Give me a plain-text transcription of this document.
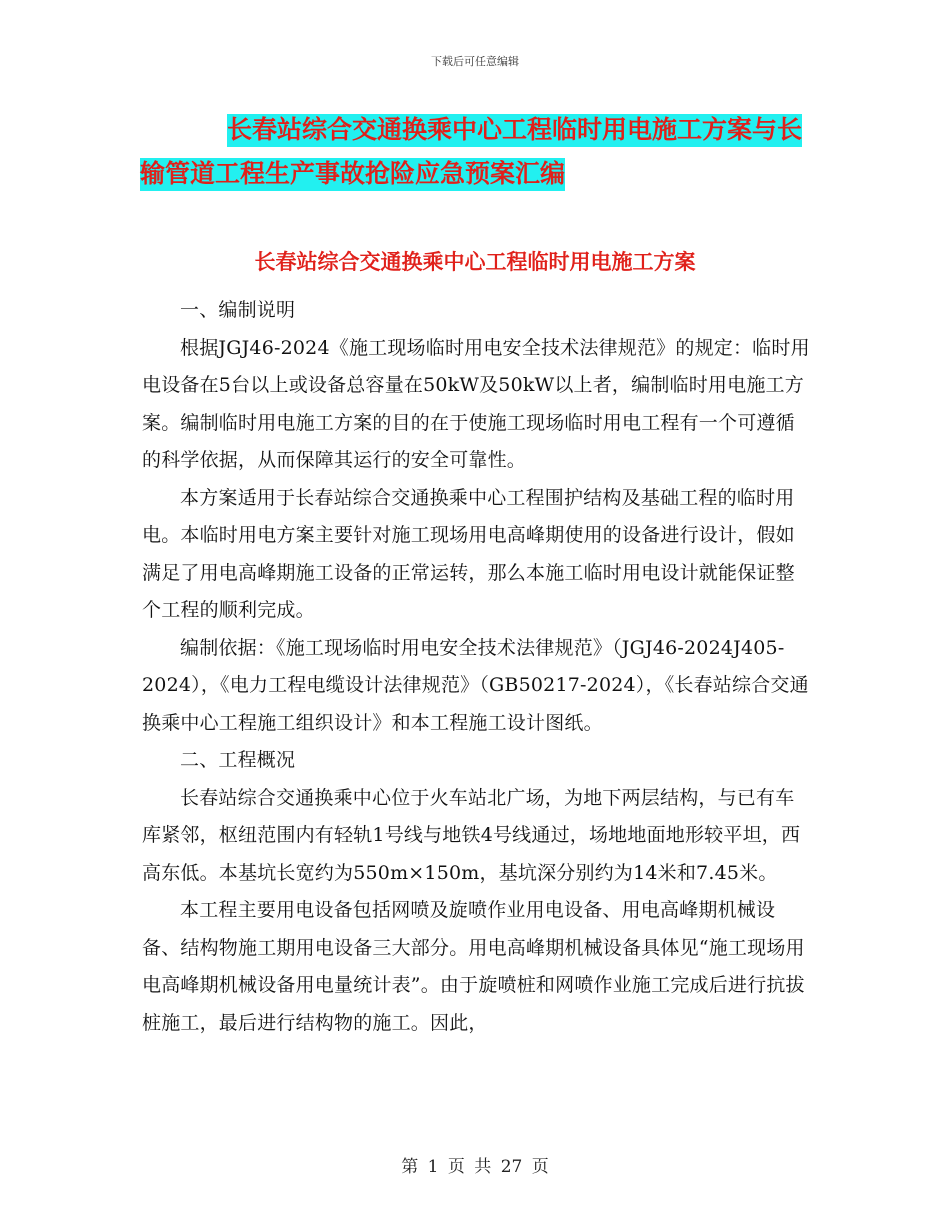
下载后可任意编辑
长春站综合交通换乘中心工程临时用电施工方案与长
输管道工程生产事故抢险应急预案汇编
长春站综合交通换乘中心工程临时用电施工方案

一、编制说明

根据JGJ46-2024《施工现场临时用电安全技术法律规范》的规定：临时用电设备在5台以上或设备总容量在50kW及50kW以上者，编制临时用电施工方案。编制临时用电施工方案的目的在于使施工现场临时用电工程有一个可遵循的科学依据，从而保障其运行的安全可靠性。

本方案适用于长春站综合交通换乘中心工程围护结构及基础工程的临时用电。本临时用电方案主要针对施工现场用电高峰期使用的设备进行设计，假如满足了用电高峰期施工设备的正常运转，那么本施工临时用电设计就能保证整个工程的顺利完成。

编制依据：《施工现场临时用电安全技术法律规范》（JGJ46-2024J405-2024），《电力工程电缆设计法律规范》（GB50217-2024），《长春站综合交通换乘中心工程施工组织设计》和本工程施工设计图纸。

二、工程概况

长春站综合交通换乘中心位于火车站北广场，为地下两层结构，与已有车库紧邻，枢纽范围内有轻轨1号线与地铁4号线通过，场地地面地形较平坦，西高东低。本基坑长宽约为550m×150m，基坑深分别约为14米和7.45米。

本工程主要用电设备包括网喷及旋喷作业用电设备、用电高峰期机械设备、结构物施工期用电设备三大部分。用电高峰期机械设备具体见“施工现场用电高峰期机械设备用电量统计表”。由于旋喷桩和网喷作业施工完成后进行抗拔桩施工，最后进行结构物的施工。因此，

第 1 页 共 27 页
